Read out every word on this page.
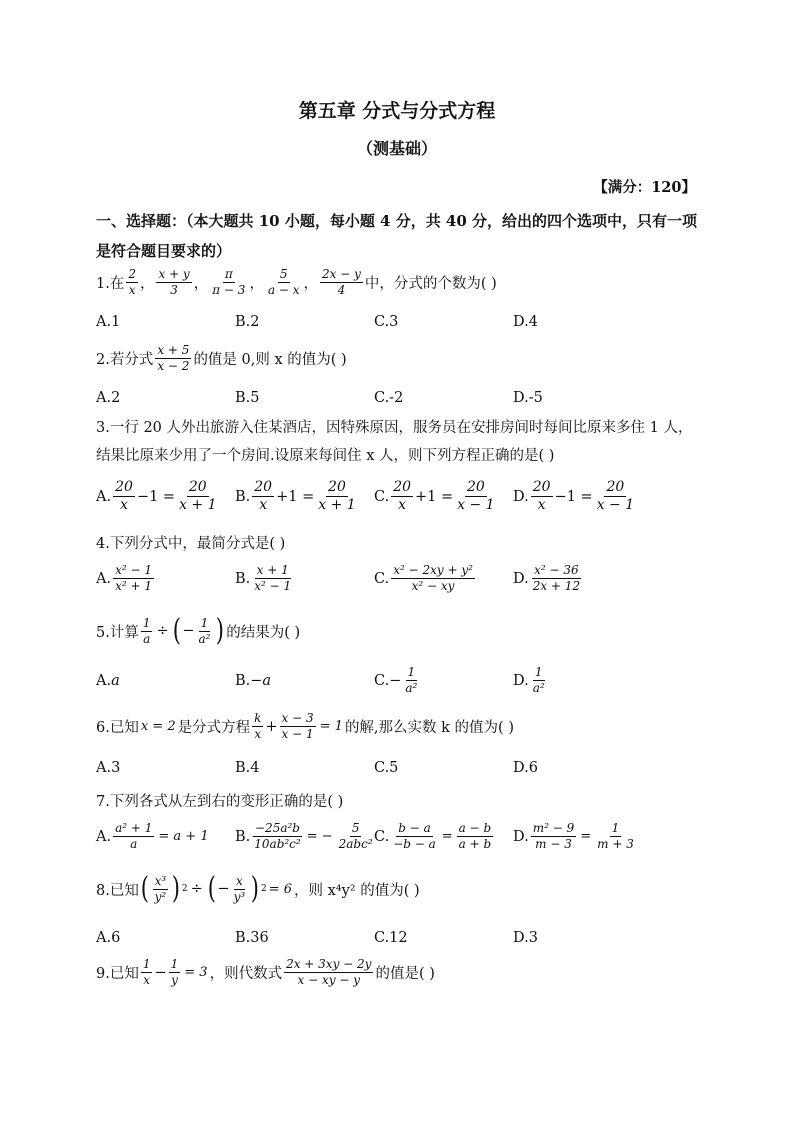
第五章 分式与分式方程
（测基础）
【满分：120】
一、选择题：（本大题共 10 小题，每小题 4 分，共 40 分，给出的四个选项中，只有一项是符合题目要求的）
1.在 $\frac{2}{x}$ ， $\frac{x + y}{3}$ ， $\frac{\pi}{\pi - 3}$ ， $\frac{5}{a - x}$ ， $\frac{2x - y}{4}$ 中，分式的个数为( )
A.1	B.2	C.3	D.4
2.若分式 $\frac{x + 5}{x - 2}$ 的值是 0,则 x 的值为( )
A.2	B.5	C.-2	D.-5
3.一行 20 人外出旅游入住某酒店，因特殊原因，服务员在安排房间时每间比原来多住 1 人，结果比原来少用了一个房间.设原来每间住 x 人，则下列方程正确的是( )
A. $\frac{20}{x} -1 = \frac{20}{x + 1} B$. $\frac{20}{x} +1 = \frac{20}{x + 1} C$. $\frac{20}{x} +1 = \frac{20}{x - 1} D$. $\frac{20}{x} -1 = \frac{20}{x - 1}$
4.下列分式中，最简分式是( )
A. $\frac{\text{x² − 1}}{\text{x² + 1}}$	B. $\frac{x + 1}{\text{x² − 1}}$	C. $\frac{\text{x² − 2xy + y²}}{\text{x² − xy}}$	D. $\frac{\text{x² − 36}}{2x + 12}$
5.计算 $\frac{1}{a}$ ÷ ( − $\frac{1}{\text{a²}}$ ) 的结果为( )
A. a	B. −a	C. − $\frac{1}{\text{a²}}$	D. $\frac{1}{\text{a²}}$
6.已知 x = 2 是分式方程 $\frac{k}{x} + \frac{x - 3}{x - 1} = 1$ 的解,那么实数 k 的值为( )
A.3	B.4	C.5	D.6
7.下列各式从左到右的变形正确的是( )
A. $\frac{\text{a² + 1}}{a} = a + 1$ B. $\frac{\text{−25a²b}}{\text{10ab²c²}}$ = − $\frac{5}{\text{2abc²}} C$. $\frac{b - a}{-b - a} = \frac{a - b}{a + b} D$. $\frac{\text{m² − 9}}{m - 3} = \frac{1}{m + 3}$
8.已知 ( $\frac{\text{x³}}{\text{y²}}$ ) 2 ÷ ( − $\frac{x}{\text{y³}}$ ) 2 = 6 ，则 x⁴y² 的值为( )
A.6	B.36	C.12	D.3
9.已知 $\frac{1}{x} - \frac{1}{y} = 3$ ，则代数式 $\frac{2x + 3xy - 2y}{x - xy - y}$ 的值是( )
